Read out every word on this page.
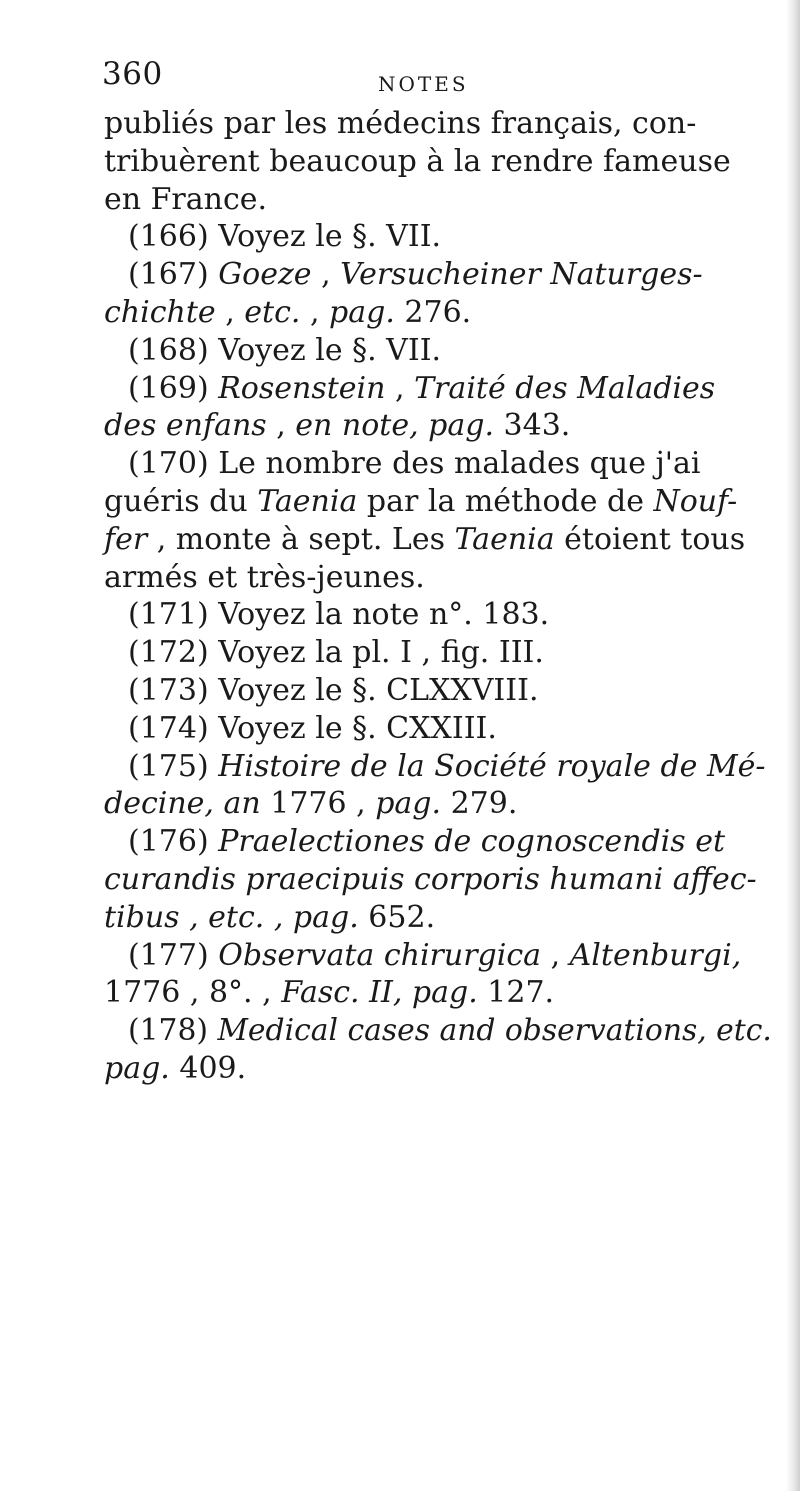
360	NOTES
publiés par les médecins français, con-
tribuèrent beaucoup à la rendre fameuse
en France.
(166) Voyez le §. VII.
(167) Goeze , Versucheiner Naturges-
chichte , etc. , pag. 276.
(168) Voyez le §. VII.
(169) Rosenstein , Traité des Maladies
des enfans , en note, pag. 343.
(170) Le nombre des malades que j'ai
guéris du Taenia par la méthode de Nouf-
fer , monte à sept. Les Taenia étoient tous
armés et très-jeunes.
(171) Voyez la note n°. 183.
(172) Voyez la pl. I , fig. III.
(173) Voyez le §. CLXXVIII.
(174) Voyez le §. CXXIII.
(175) Histoire de la Société royale de Mé-
decine, an 1776 , pag. 279.
(176) Praelectiones de cognoscendis et
curandis praecipuis corporis humani affec-
tibus , etc. , pag. 652.
(177) Observata chirurgica , Altenburgi,
1776 , 8°. , Fasc. II, pag. 127.
(178) Medical cases and observations, etc.
pag. 409.
